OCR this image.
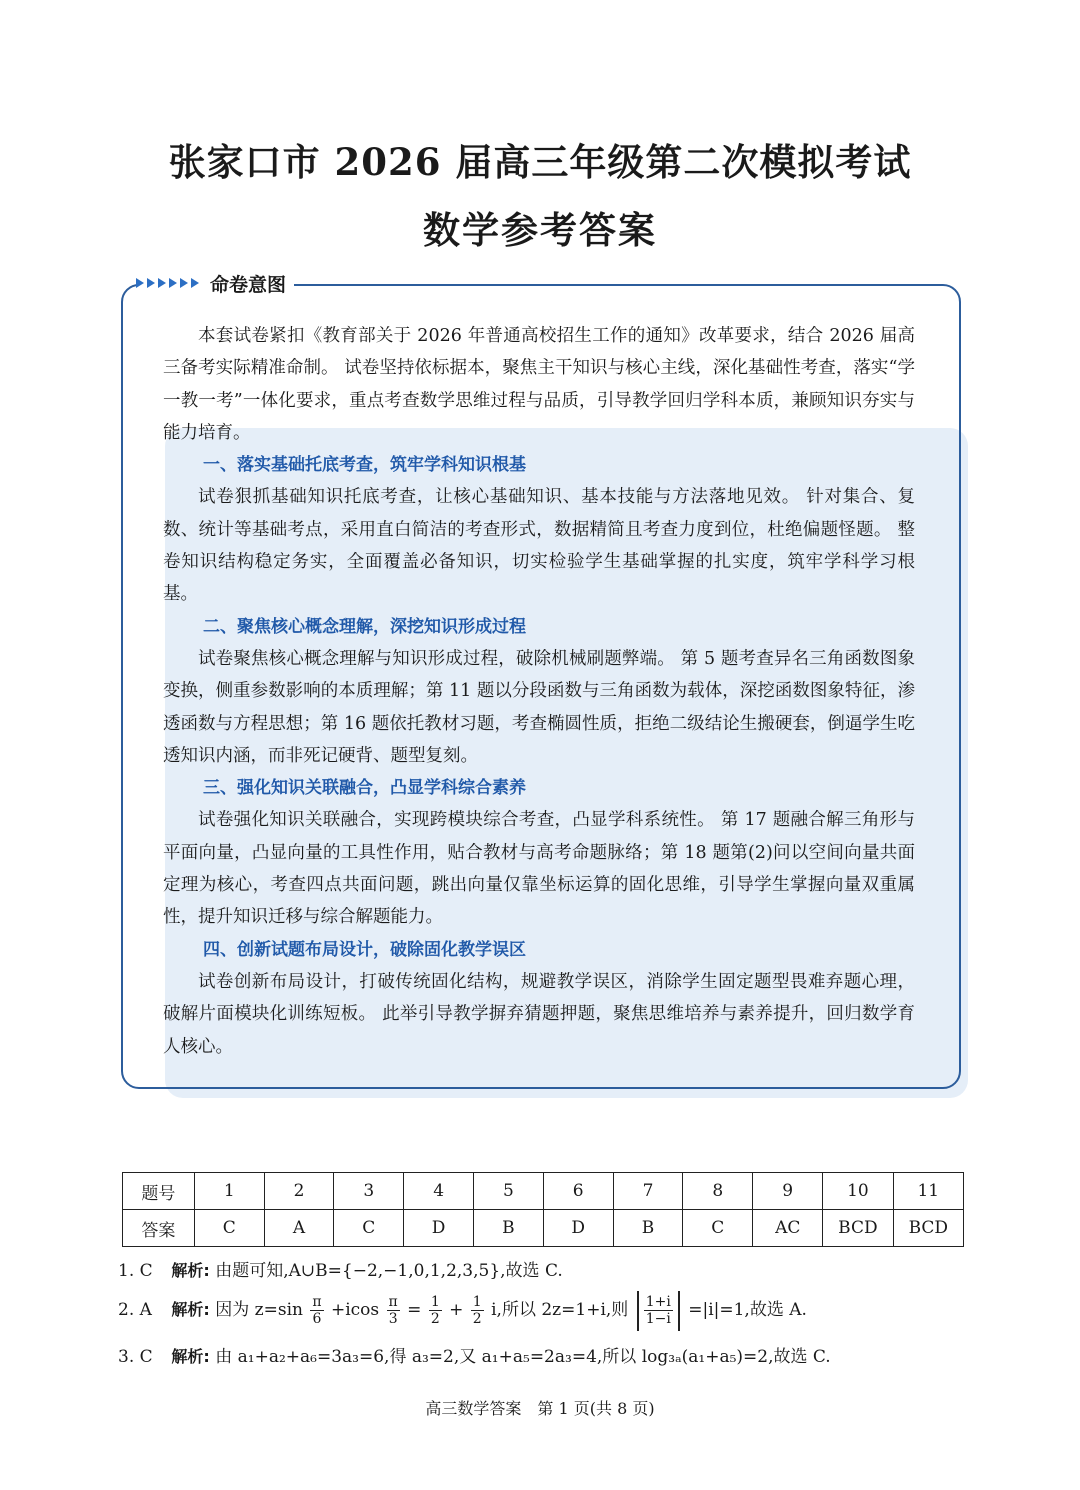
张家口市 2026 届高三年级第二次模拟考试
数学参考答案
命卷意图

本套试卷紧扣《教育部关于 2026 年普通高校招生工作的通知》改革要求，结合 2026 届高三备考实际精准命制。 试卷坚持依标据本，聚焦主干知识与核心主线，深化基础性考查，落实“学一教一考”一体化要求，重点考查数学思维过程与品质，引导教学回归学科本质，兼顾知识夯实与能力培育。

一、落实基础托底考查，筑牢学科知识根基

试卷狠抓基础知识托底考查，让核心基础知识、基本技能与方法落地见效。 针对集合、复数、统计等基础考点，采用直白简洁的考查形式，数据精简且考查力度到位，杜绝偏题怪题。 整卷知识结构稳定务实，全面覆盖必备知识，切实检验学生基础掌握的扎实度，筑牢学科学习根基。

二、聚焦核心概念理解，深挖知识形成过程

试卷聚焦核心概念理解与知识形成过程，破除机械刷题弊端。 第 5 题考查异名三角函数图象变换，侧重参数影响的本质理解；第 11 题以分段函数与三角函数为载体，深挖函数图象特征，渗透函数与方程思想；第 16 题依托教材习题，考查椭圆性质，拒绝二级结论生搬硬套，倒逼学生吃透知识内涵，而非死记硬背、题型复刻。

三、强化知识关联融合，凸显学科综合素养

试卷强化知识关联融合，实现跨模块综合考查，凸显学科系统性。 第 17 题融合解三角形与平面向量，凸显向量的工具性作用，贴合教材与高考命题脉络；第 18 题第(2)问以空间向量共面定理为核心，考查四点共面问题，跳出向量仅靠坐标运算的固化思维，引导学生掌握向量双重属性，提升知识迁移与综合解题能力。

四、创新试题布局设计，破除固化教学误区

试卷创新布局设计，打破传统固化结构，规避教学误区，消除学生固定题型畏难弃题心理，破解片面模块化训练短板。 此举引导教学摒弃猜题押题，聚焦思维培养与素养提升，回归数学育人核心。

题号	1	2	3	4	5	6	7	8	9	10	11
答案	C	A	C	D	B	D	B	C	AC	BCD	BCD
1. C 解析: 由题可知,A∪B={−2,−1,0,1,2,3,5},故选 C.
2. A 解析: 因为 $z=\sin \frac{\pi}{6} +icos \frac{\pi}{3} = \frac{1}{2} + \frac{1}{2} i$,所以 2z=1+i,则 $\frac{1+i}{1-i} =|i|=1$,故选 A.
3. C 解析: 由 a₁+a₂+a₆=3a₃=6,得 a₃=2,又 a₁+a₅=2a₃=4,所以 log₃ₐ(a₁+a₅)=2,故选 C.
高三数学答案　第 1 页(共 8 页)
